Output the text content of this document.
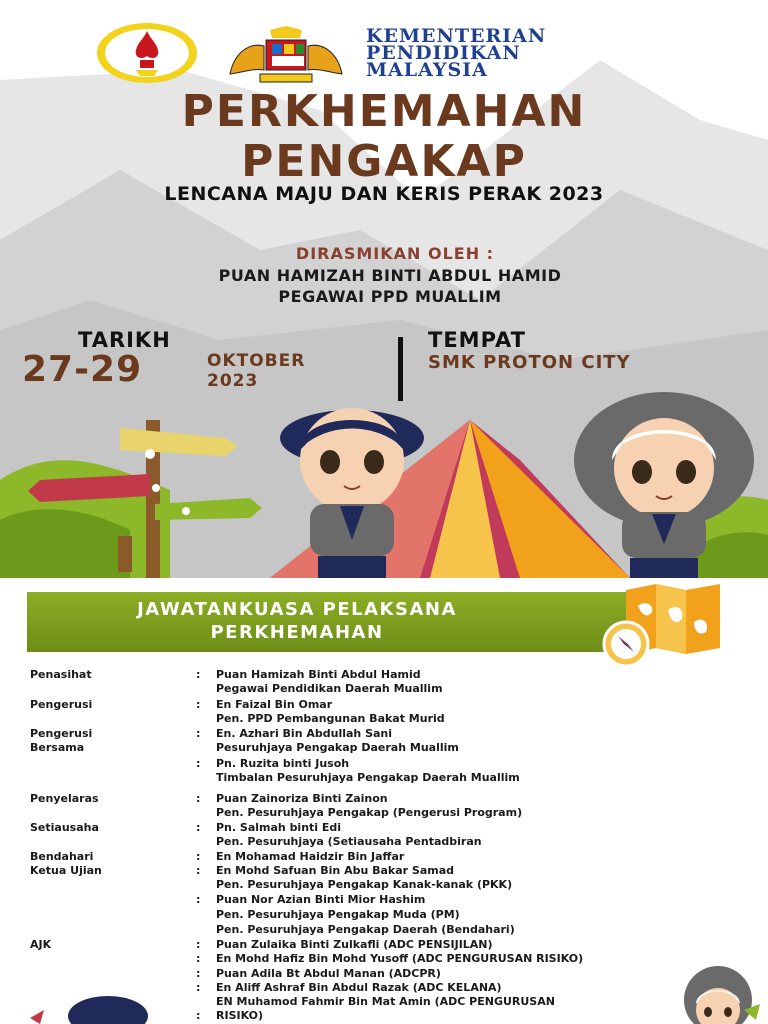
KEMENTERIAN
PENDIDIKAN
MALAYSIA
PERKHEMAHAN
PENGAKAP
LENCANA MAJU DAN KERIS PERAK 2023
DIRASMIKAN OLEH :
PUAN HAMIZAH BINTI ABDUL HAMID
PEGAWAI PPD MUALLIM
TARIKH
27-29	OKTOBER
2023
TEMPAT
SMK PROTON CITY
JAWATANKUASA PELAKSANA
PERKHEMAHAN
Penasihat	: Puan Hamizah Binti Abdul Hamid
Pegawai Pendidikan Daerah Muallim
Pengerusi	: En Faizal Bin Omar
Pen. PPD Pembangunan Bakat Murid
Pengerusi	: En. Azhari Bin Abdullah Sani
Bersama	Pesuruhjaya Pengakap Daerah Muallim
: Pn. Ruzita binti Jusoh
Timbalan Pesuruhjaya Pengakap Daerah Muallim
Penyelaras	: Puan Zainoriza Binti Zainon
Pen. Pesuruhjaya Pengakap (Pengerusi Program)
Setiausaha	: Pn. Salmah binti Edi
Pen. Pesuruhjaya (Setiausaha Pentadbiran
Bendahari	: En Mohamad Haidzir Bin Jaffar
Ketua Ujian	: En Mohd Safuan Bin Abu Bakar Samad
Pen. Pesuruhjaya Pengakap Kanak-kanak (PKK)
: Puan Nor Azian Binti Mior Hashim
Pen. Pesuruhjaya Pengakap Muda (PM)
Pen. Pesuruhjaya Pengakap Daerah (Bendahari)
AJK	: Puan Zulaika Binti Zulkafli (ADC PENSIJILAN)
: En Mohd Hafiz Bin Mohd Yusoff (ADC PENGURUSAN RISIKO)
: Puan Adila Bt Abdul Manan (ADCPR)
: En Aliff Ashraf Bin Abdul Razak (ADC KELANA)
EN Muhamod Fahmir Bin Mat Amin (ADC PENGURUSAN
: RISIKO)
